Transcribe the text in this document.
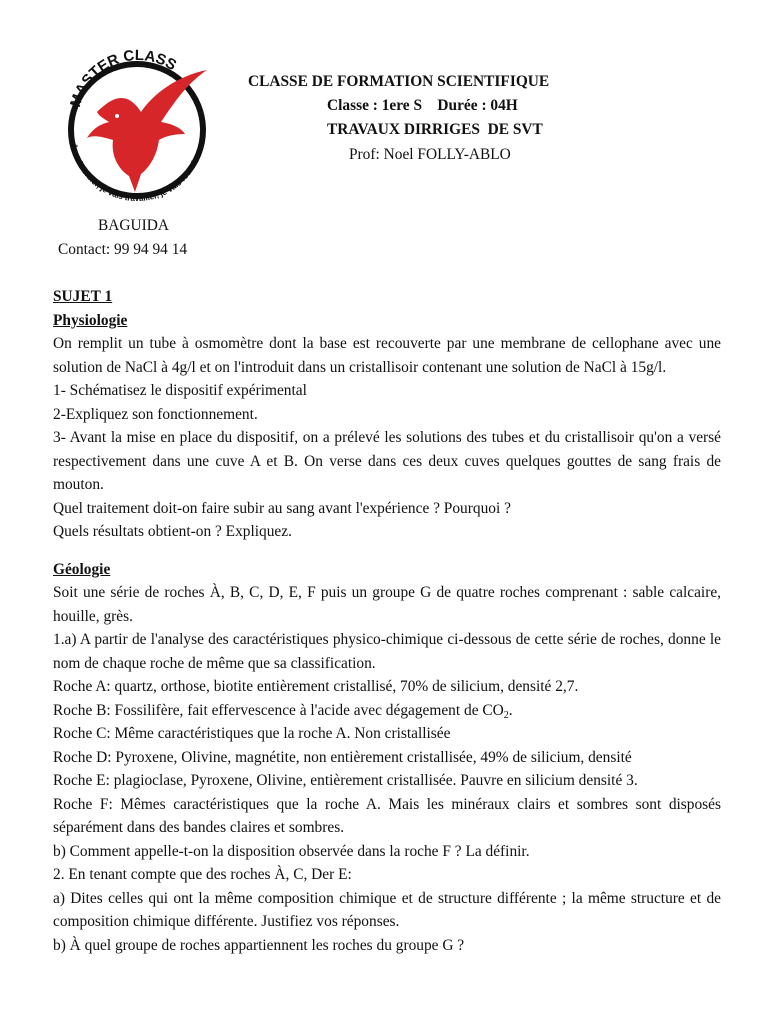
MASTER CLASS
Je vais briller, je vais travailler, je vais réussir
CLASSE DE FORMATION SCIENTIFIQUE
Classe : 1ere S    Durée : 04H
TRAVAUX DIRRIGES  DE SVT
Prof: Noel FOLLY-ABLO
BAGUIDA
Contact: 99 94 94 14
SUJET 1
Physiologie
On remplit un tube à osmomètre dont la base est recouverte par une membrane de cellophane avec une solution de NaCl à 4g/l et on l'introduit dans un cristallisoir contenant une solution de NaCl à 15g/l.
1- Schématisez le dispositif expérimental
2-Expliquez son fonctionnement.
3- Avant la mise en place du dispositif, on a prélevé les solutions des tubes et du cristallisoir qu'on a versé respectivement dans une cuve A et B. On verse dans ces deux cuves quelques gouttes de sang frais de mouton.
Quel traitement doit-on faire subir au sang avant l'expérience ? Pourquoi ?
Quels résultats obtient-on ? Expliquez.
Géologie
Soit une série de roches À, B, C, D, E, F puis un groupe G de quatre roches comprenant : sable calcaire, houille, grès.
1.a) A partir de l'analyse des caractéristiques physico-chimique ci-dessous de cette série de roches, donne le nom de chaque roche de même que sa classification.
Roche A: quartz, orthose, biotite entièrement cristallisé, 70% de silicium, densité 2,7.
Roche B: Fossilifère, fait effervescence à l'acide avec dégagement de $CO_2$.
Roche C: Même caractéristiques que la roche A. Non cristallisée
Roche D: Pyroxene, Olivine, magnétite, non entièrement cristallisée, 49% de silicium, densité
Roche E: plagioclase, Pyroxene, Olivine, entièrement cristallisée. Pauvre en silicium densité 3.
Roche F: Mêmes caractéristiques que la roche A. Mais les minéraux clairs et sombres sont disposés séparément dans des bandes claires et sombres.
b) Comment appelle-t-on la disposition observée dans la roche F ? La définir.
2. En tenant compte que des roches À, C, Der E:
a) Dites celles qui ont la même composition chimique et de structure différente ; la même structure et de composition chimique différente. Justifiez vos réponses.
b) À quel groupe de roches appartiennent les roches du groupe G ?
